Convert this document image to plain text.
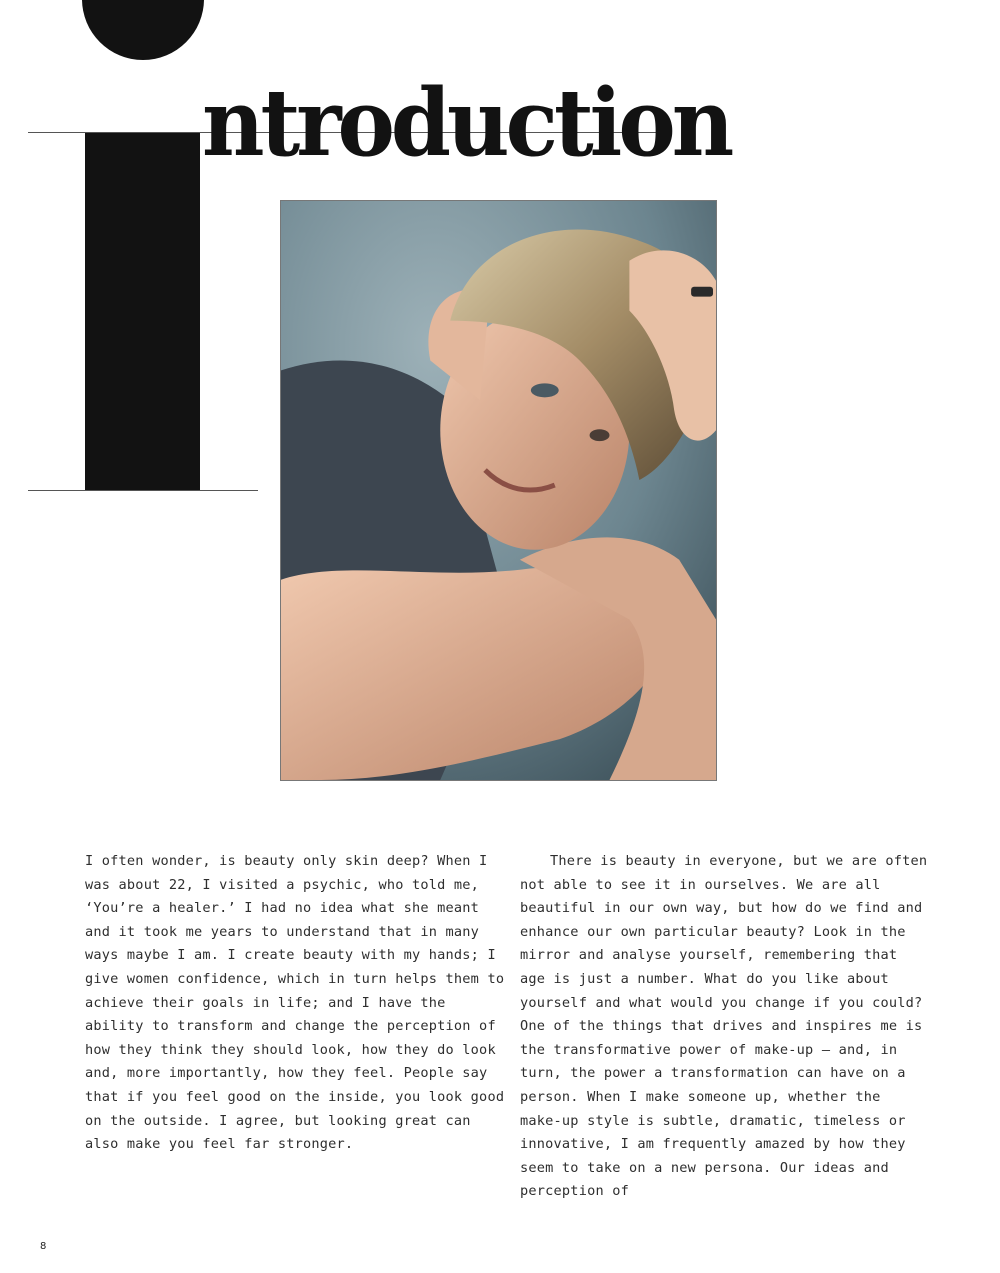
ntroduction

I often wonder, is beauty only skin deep? When I was about 22, I visited a psychic, who told me, ‘You’re a healer.’ I had no idea what she meant and it took me years to understand that in many ways maybe I am. I create beauty with my hands; I give women confidence, which in turn helps them to achieve their goals in life; and I have the ability to transform and change the perception of how they think they should look, how they do look and, more importantly, how they feel. People say that if you feel good on the inside, you look good on the outside. I agree, but looking great can also make you feel far stronger.

There is beauty in everyone, but we are often not able to see it in ourselves. We are all beautiful in our own way, but how do we find and enhance our own particular beauty? Look in the mirror and analyse yourself, remembering that age is just a number. What do you like about yourself and what would you change if you could? One of the things that drives and inspires me is the transformative power of make-up – and, in turn, the power a transformation can have on a person. When I make someone up, whether the make-up style is subtle, dramatic, timeless or innovative, I am frequently amazed by how they seem to take on a new persona. Our ideas and perception of

8
